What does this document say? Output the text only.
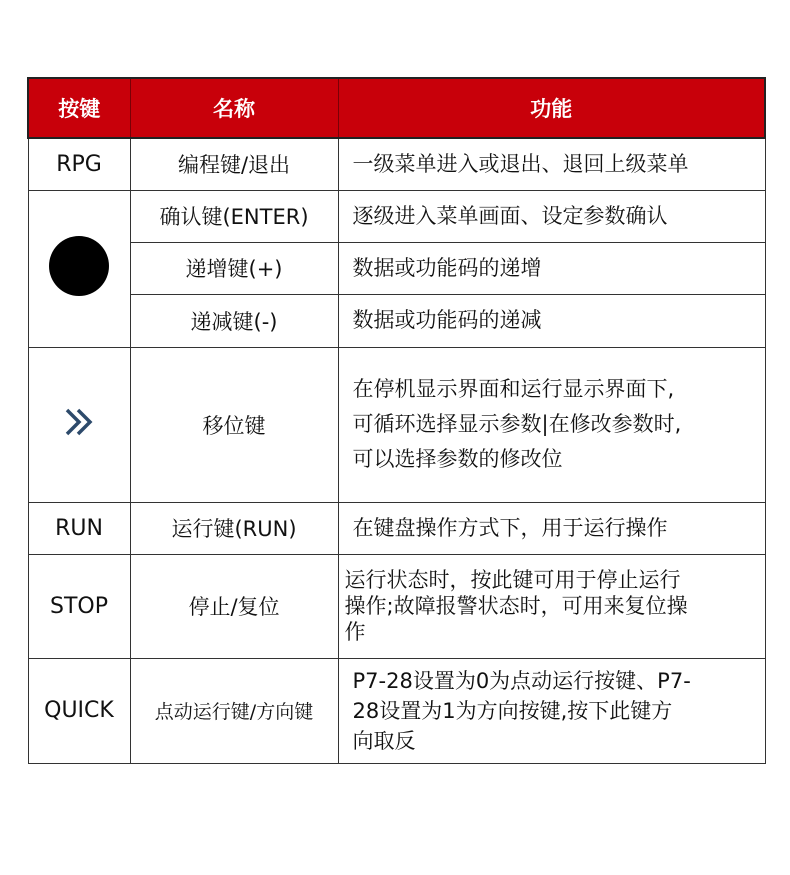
按键	名称	功能
RPG	编程键/退出	一级菜单进入或退出、退回上级菜单
	确认键(ENTER)	逐级进入菜单画面、设定参数确认
	递增键(+)	数据或功能码的递增
	递减键(-)	数据或功能码的递减
	移位键	在停机显示界面和运行显示界面下,
可循环选择显示参数|在修改参数时,
可以选择参数的修改位

RUN	运行键(RUN)	在键盘操作方式下，用于运行操作
STOP	停止/复位	运行状态时，按此键可用于停止运行
操作;故障报警状态时，可用来复位操
作

QUICK	点动运行键/方向键	P7-28设置为0为点动运行按键、P7-
28设置为1为方向按键,按下此键方
向取反
